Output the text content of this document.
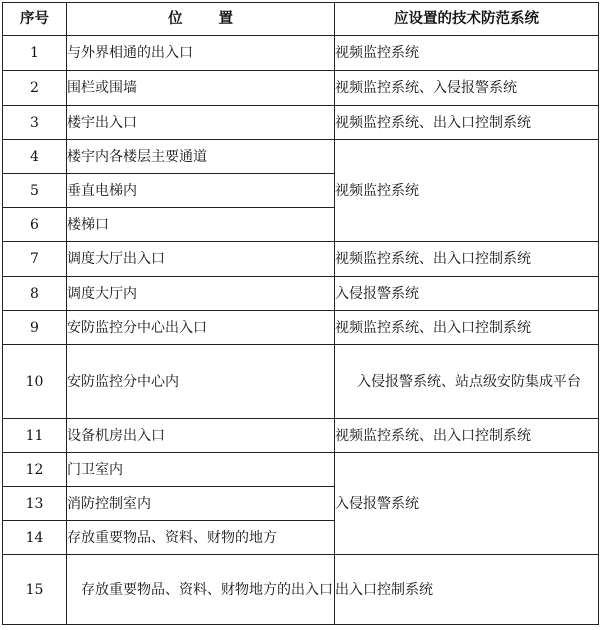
序号	位 置	应设置的技术防范系统
1	与外界相通的出入口	视频监控系统
2	围栏或围墙	视频监控系统、入侵报警系统
3	楼宇出入口	视频监控系统、出入口控制系统
4	楼宇内各楼层主要通道	视频监控系统
5	垂直电梯内	
6	楼梯口	
7	调度大厅出入口	视频监控系统、出入口控制系统
8	调度大厅内	入侵报警系统
9	安防监控分中心出入口	视频监控系统、出入口控制系统
10	安防监控分中心内	入侵报警系统、站点级安防集成平台
11	设备机房出入口	视频监控系统、出入口控制系统
12	门卫室内	入侵报警系统
13	消防控制室内	
14	存放重要物品、资料、财物的地方	
15	存放重要物品、资料、财物地方的出入口	出入口控制系统
